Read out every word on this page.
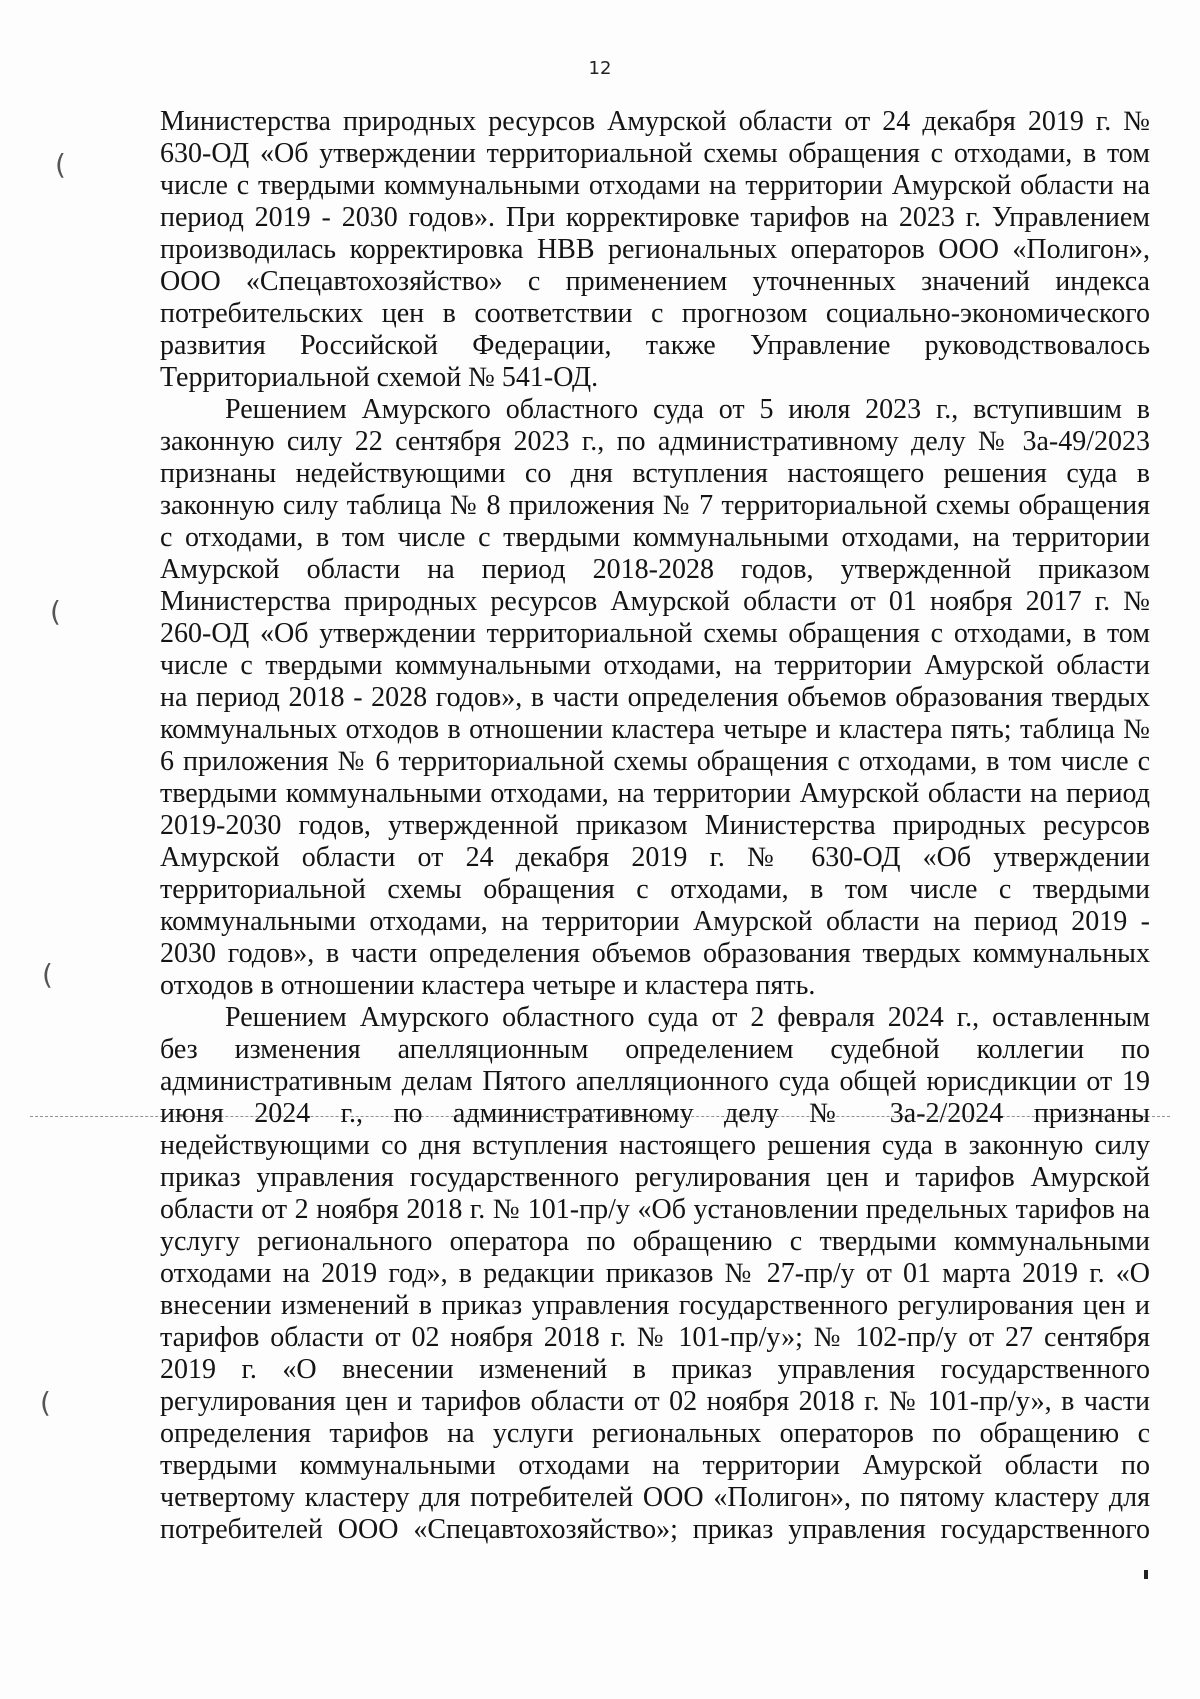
12
(
(
(
(
Министерства природных ресурсов Амурской области от 24 декабря 2019 г. №
630-ОД «Об утверждении территориальной схемы обращения с отходами, в том
числе с твердыми коммунальными отходами на территории Амурской области на
период 2019 - 2030 годов». При корректировке тарифов на 2023 г. Управлением
производилась корректировка НВВ региональных операторов ООО «Полигон»,
ООО «Спецавтохозяйство» с применением уточненных значений индекса
потребительских цен в соответствии с прогнозом социально-экономического
развития Российской Федерации, также Управление руководствовалось
Территориальной схемой № 541-ОД.
Решением Амурского областного суда от 5 июля 2023 г., вступившим в
законную силу 22 сентября 2023 г., по административному делу № 3а-49/2023
признаны недействующими со дня вступления настоящего решения суда в
законную силу таблица № 8 приложения № 7 территориальной схемы обращения
с отходами, в том числе с твердыми коммунальными отходами, на территории
Амурской области на период 2018-2028 годов, утвержденной приказом
Министерства природных ресурсов Амурской области от 01 ноября 2017 г. №
260-ОД «Об утверждении территориальной схемы обращения с отходами, в том
числе с твердыми коммунальными отходами, на территории Амурской области
на период 2018 - 2028 годов», в части определения объемов образования твердых
коммунальных отходов в отношении кластера четыре и кластера пять; таблица №
6 приложения № 6 территориальной схемы обращения с отходами, в том числе с
твердыми коммунальными отходами, на территории Амурской области на период
2019-2030 годов, утвержденной приказом Министерства природных ресурсов
Амурской области от 24 декабря 2019 г. № 630-ОД «Об утверждении
территориальной схемы обращения с отходами, в том числе с твердыми
коммунальными отходами, на территории Амурской области на период 2019 -
2030 годов», в части определения объемов образования твердых коммунальных
отходов в отношении кластера четыре и кластера пять.
Решением Амурского областного суда от 2 февраля 2024 г., оставленным
без изменения апелляционным определением судебной коллегии по
административным делам Пятого апелляционного суда общей юрисдикции от 19
июня 2024 г., по административному делу № 3а-2/2024 признаны
недействующими со дня вступления настоящего решения суда в законную силу
приказ управления государственного регулирования цен и тарифов Амурской
области от 2 ноября 2018 г. № 101-пр/у «Об установлении предельных тарифов на
услугу регионального оператора по обращению с твердыми коммунальными
отходами на 2019 год», в редакции приказов № 27-пр/у от 01 марта 2019 г. «О
внесении изменений в приказ управления государственного регулирования цен и
тарифов области от 02 ноября 2018 г. № 101-пр/у»; № 102-пр/у от 27 сентября
2019 г. «О внесении изменений в приказ управления государственного
регулирования цен и тарифов области от 02 ноября 2018 г. № 101-пр/у», в части
определения тарифов на услуги региональных операторов по обращению с
твердыми коммунальными отходами на территории Амурской области по
четвертому кластеру для потребителей ООО «Полигон», по пятому кластеру для
потребителей ООО «Спецавтохозяйство»; приказ управления государственного
